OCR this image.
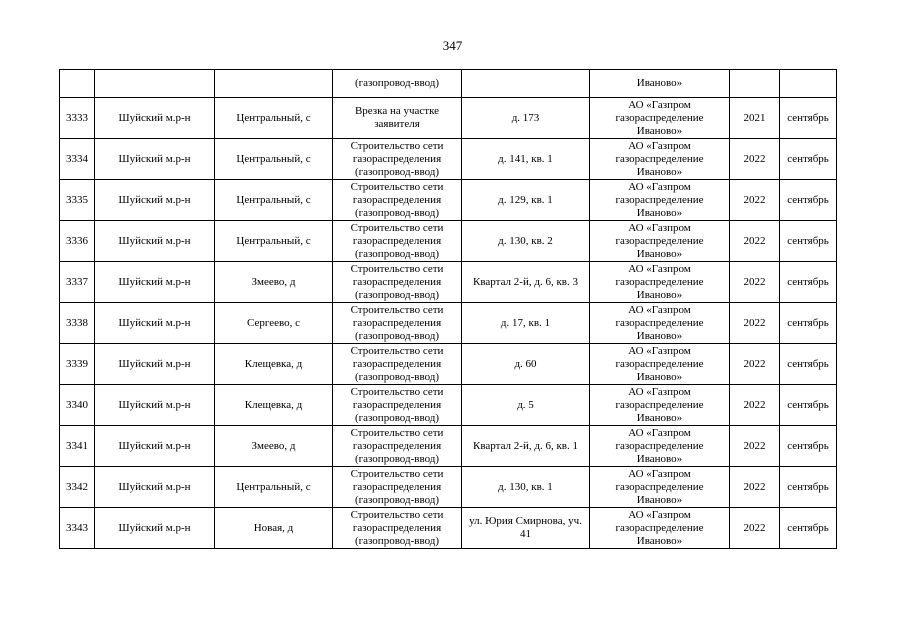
347
			(газопровод-ввод)		Иваново»		
3333	Шуйский м.р-н	Центральный, с	Врезка на участке заявителя	д. 173	АО «Газпром газораспределение Иваново»	2021	сентябрь
3334	Шуйский м.р-н	Центральный, с	Строительство сети газораспределения (газопровод-ввод)	д. 141, кв. 1	АО «Газпром газораспределение Иваново»	2022	сентябрь
3335	Шуйский м.р-н	Центральный, с	Строительство сети газораспределения (газопровод-ввод)	д. 129, кв. 1	АО «Газпром газораспределение Иваново»	2022	сентябрь
3336	Шуйский м.р-н	Центральный, с	Строительство сети газораспределения (газопровод-ввод)	д. 130, кв. 2	АО «Газпром газораспределение Иваново»	2022	сентябрь
3337	Шуйский м.р-н	Змеево, д	Строительство сети газораспределения (газопровод-ввод)	Квартал 2-й, д. 6, кв. 3	АО «Газпром газораспределение Иваново»	2022	сентябрь
3338	Шуйский м.р-н	Сергеево, с	Строительство сети газораспределения (газопровод-ввод)	д. 17, кв. 1	АО «Газпром газораспределение Иваново»	2022	сентябрь
3339	Шуйский м.р-н	Клещевка, д	Строительство сети газораспределения (газопровод-ввод)	д. 60	АО «Газпром газораспределение Иваново»	2022	сентябрь
3340	Шуйский м.р-н	Клещевка, д	Строительство сети газораспределения (газопровод-ввод)	д. 5	АО «Газпром газораспределение Иваново»	2022	сентябрь
3341	Шуйский м.р-н	Змеево, д	Строительство сети газораспределения (газопровод-ввод)	Квартал 2-й, д. 6, кв. 1	АО «Газпром газораспределение Иваново»	2022	сентябрь
3342	Шуйский м.р-н	Центральный, с	Строительство сети газораспределения (газопровод-ввод)	д. 130, кв. 1	АО «Газпром газораспределение Иваново»	2022	сентябрь
3343	Шуйский м.р-н	Новая, д	Строительство сети газораспределения (газопровод-ввод)	ул. Юрия Смирнова, уч. 41	АО «Газпром газораспределение Иваново»	2022	сентябрь
